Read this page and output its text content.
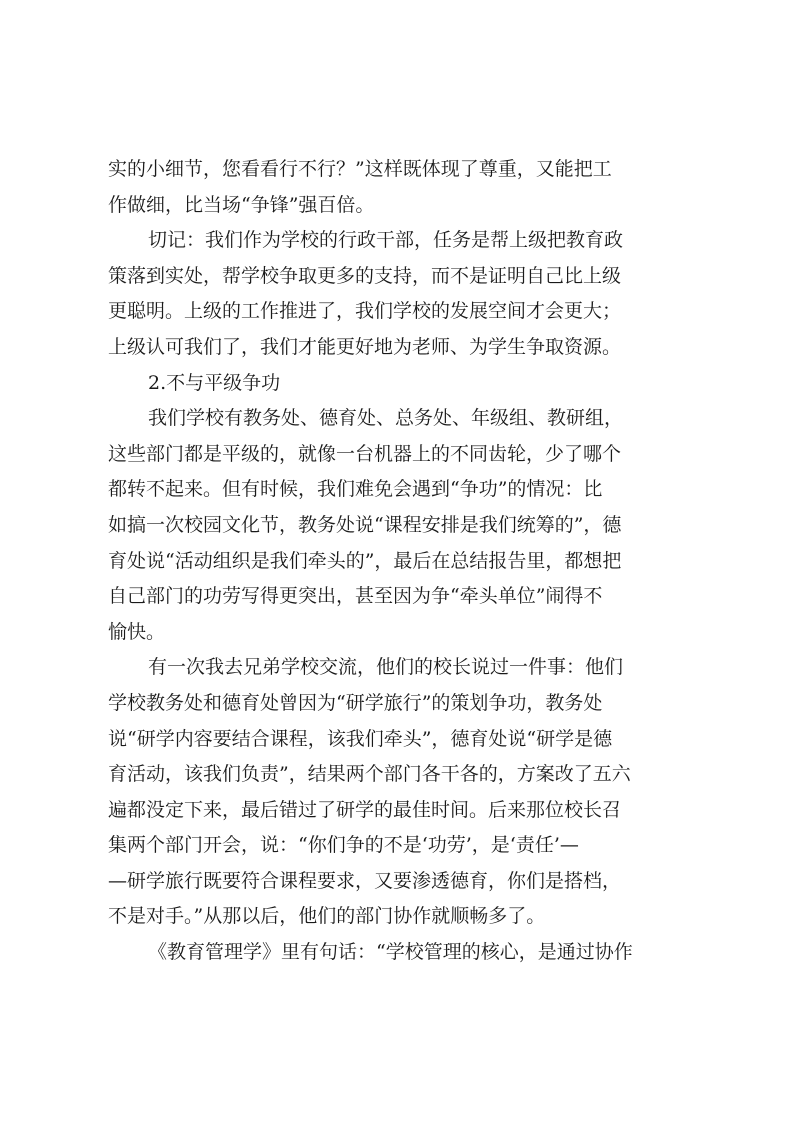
实的小细节，您看看行不行？”这样既体现了尊重，又能把工
作做细，比当场“争锋”强百倍。
切记：我们作为学校的行政干部，任务是帮上级把教育政
策落到实处，帮学校争取更多的支持，而不是证明自己比上级
更聪明。上级的工作推进了，我们学校的发展空间才会更大；
上级认可我们了，我们才能更好地为老师、为学生争取资源。
2.不与平级争功
我们学校有教务处、德育处、总务处、年级组、教研组，
这些部门都是平级的，就像一台机器上的不同齿轮，少了哪个
都转不起来。但有时候，我们难免会遇到“争功”的情况：比
如搞一次校园文化节，教务处说“课程安排是我们统筹的”，德
育处说“活动组织是我们牵头的”，最后在总结报告里，都想把
自己部门的功劳写得更突出，甚至因为争“牵头单位”闹得不
愉快。
有一次我去兄弟学校交流，他们的校长说过一件事：他们
学校教务处和德育处曾因为“研学旅行”的策划争功，教务处
说“研学内容要结合课程，该我们牵头”，德育处说“研学是德
育活动，该我们负责”，结果两个部门各干各的，方案改了五六
遍都没定下来，最后错过了研学的最佳时间。后来那位校长召
集两个部门开会，说：“你们争的不是‘功劳’，是‘责任’—
—研学旅行既要符合课程要求，又要渗透德育，你们是搭档，
不是对手。”从那以后，他们的部门协作就顺畅多了。
《教育管理学》里有句话：“学校管理的核心，是通过协作
